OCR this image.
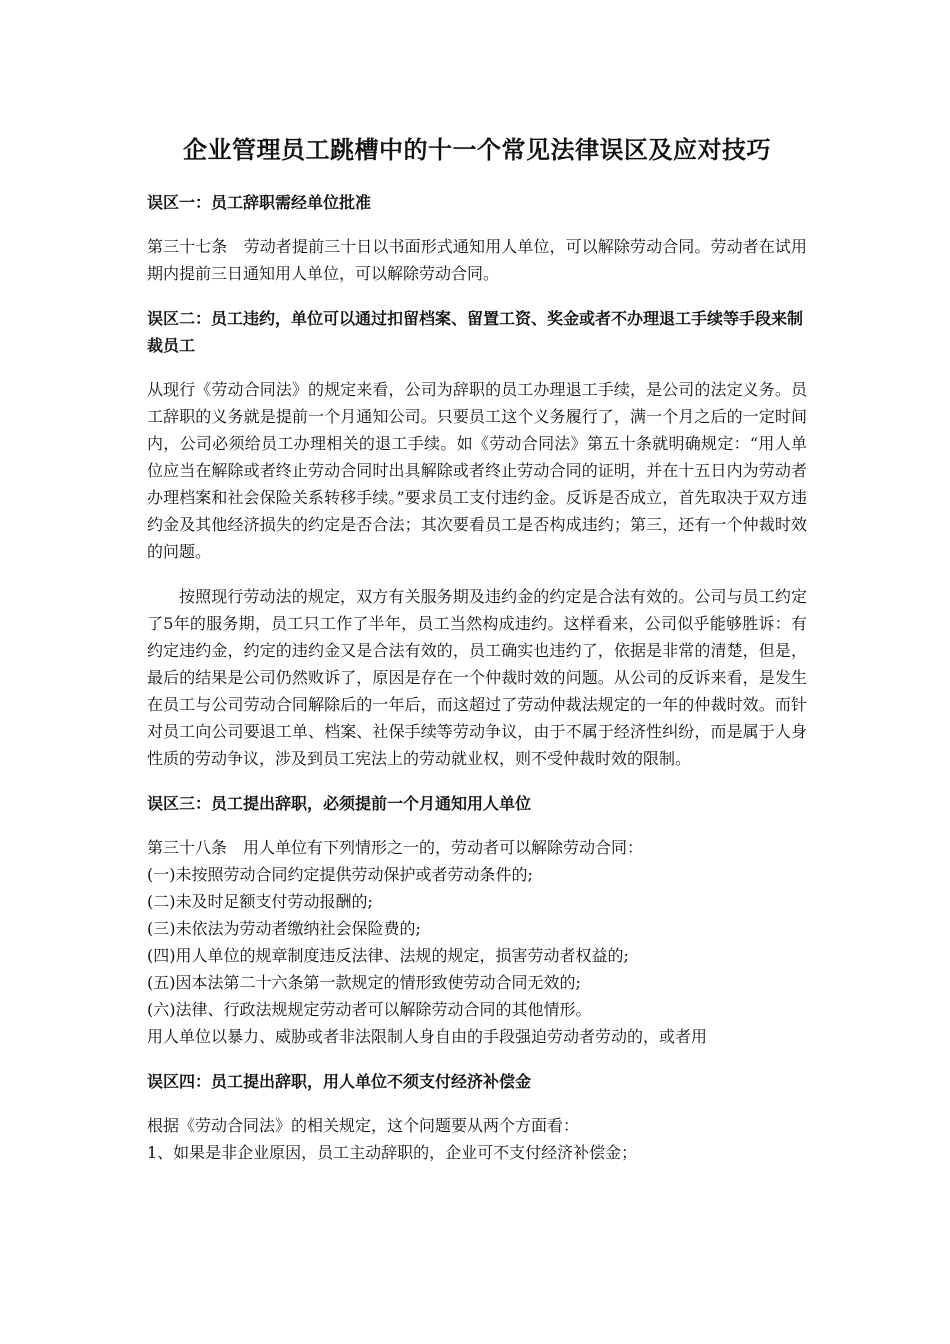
企业管理员工跳槽中的十一个常见法律误区及应对技巧
误区一：员工辞职需经单位批准

第三十七条　劳动者提前三十日以书面形式通知用人单位，可以解除劳动合同。劳动者在试用期内提前三日通知用人单位，可以解除劳动合同。

误区二：员工违约，单位可以通过扣留档案、留置工资、奖金或者不办理退工手续等手段来制裁员工

从现行《劳动合同法》的规定来看，公司为辞职的员工办理退工手续，是公司的法定义务。员工辞职的义务就是提前一个月通知公司。只要员工这个义务履行了，满一个月之后的一定时间内，公司必须给员工办理相关的退工手续。如《劳动合同法》第五十条就明确规定：“用人单位应当在解除或者终止劳动合同时出具解除或者终止劳动合同的证明，并在十五日内为劳动者办理档案和社会保险关系转移手续。”要求员工支付违约金。反诉是否成立，首先取决于双方违约金及其他经济损失的约定是否合法；其次要看员工是否构成违约；第三，还有一个仲裁时效的问题。

按照现行劳动法的规定，双方有关服务期及违约金的约定是合法有效的。公司与员工约定了5年的服务期，员工只工作了半年，员工当然构成违约。这样看来，公司似乎能够胜诉：有约定违约金，约定的违约金又是合法有效的，员工确实也违约了，依据是非常的清楚，但是，最后的结果是公司仍然败诉了，原因是存在一个仲裁时效的问题。从公司的反诉来看，是发生在员工与公司劳动合同解除后的一年后，而这超过了劳动仲裁法规定的一年的仲裁时效。而针对员工向公司要退工单、档案、社保手续等劳动争议，由于不属于经济性纠纷，而是属于人身性质的劳动争议，涉及到员工宪法上的劳动就业权，则不受仲裁时效的限制。

误区三：员工提出辞职，必须提前一个月通知用人单位
第三十八条　用人单位有下列情形之一的，劳动者可以解除劳动合同：
(一)未按照劳动合同约定提供劳动保护或者劳动条件的;
(二)未及时足额支付劳动报酬的;
(三)未依法为劳动者缴纳社会保险费的;
(四)用人单位的规章制度违反法律、法规的规定，损害劳动者权益的;
(五)因本法第二十六条第一款规定的情形致使劳动合同无效的;
(六)法律、行政法规规定劳动者可以解除劳动合同的其他情形。
用人单位以暴力、威胁或者非法限制人身自由的手段强迫劳动者劳动的，或者用
误区四：员工提出辞职，用人单位不须支付经济补偿金
根据《劳动合同法》的相关规定，这个问题要从两个方面看：
1、如果是非企业原因，员工主动辞职的，企业可不支付经济补偿金；
